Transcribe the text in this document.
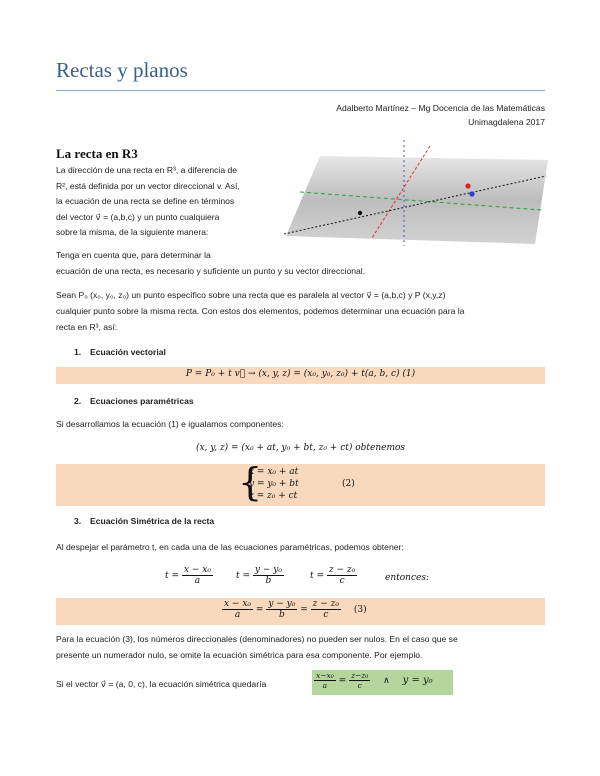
Rectas y planos
Adalberto Martínez – Mg Docencia de las Matemáticas
Unimagdalena 2017
La recta en R3
La dirección de una recta en R³, a diferencia de
R², está definida por un vector direccional v. Así,
la ecuación de una recta se define en términos
del vector v⃗ = (a,b,c) y un punto cualquiera
sobre la misma, de la siguiente manera:
Tenga en cuenta que, para determinar la
ecuación de una recta, es necesario y suficiente un punto y su vector direccional.
Sean P₀ (x₀, y₀, z₀) un punto específico sobre una recta que es paralela al vector v⃗ = (a,b,c) y P (x,y,z)
cualquier punto sobre la misma recta. Con estos dos elementos, podemos determinar una ecuación para la
recta en R³, así:
1. Ecuación vectorial
P = P₀ + t v⃗ → (x, y, z) = (x₀, y₀, z₀) + t(a, b, c) (1)
2. Ecuaciones paramétricas
Si desarrollamos la ecuación (1) e igualamos componentes:
(x, y, z) = (x₀ + at, y₀ + bt, z₀ + ct) obtenemos
{
x = x₀ + at
y = y₀ + bt
z = z₀ + ct
(2)
3. Ecuación Simétrica de la recta
Al despejar el parámetro t, en cada una de las ecuaciones paramétricas, podemos obtener:
$t = \frac{\text{x − x₀}}{a}$	$t = \frac{\text{y − y₀}}{b}$	$t = \frac{\text{z − z₀}}{c}$	entonces:
$\frac{\text{x − x₀}}{a} = \frac{\text{y − y₀}}{b} = \frac{\text{z − z₀}}{c} (3)$
Para la ecuación (3), los números direccionales (denominadores) no pueden ser nulos. En el caso que se
presente un numerador nulo, se omite la ecuación simétrica para esa componente. Por ejemplo.
Si el vector v⃗ = (a, 0, c), la ecuación simétrica quedaría	$\frac{\text{x−x₀}}{a} = \frac{\text{z−z₀}}{c}$ ∧ y = y₀
